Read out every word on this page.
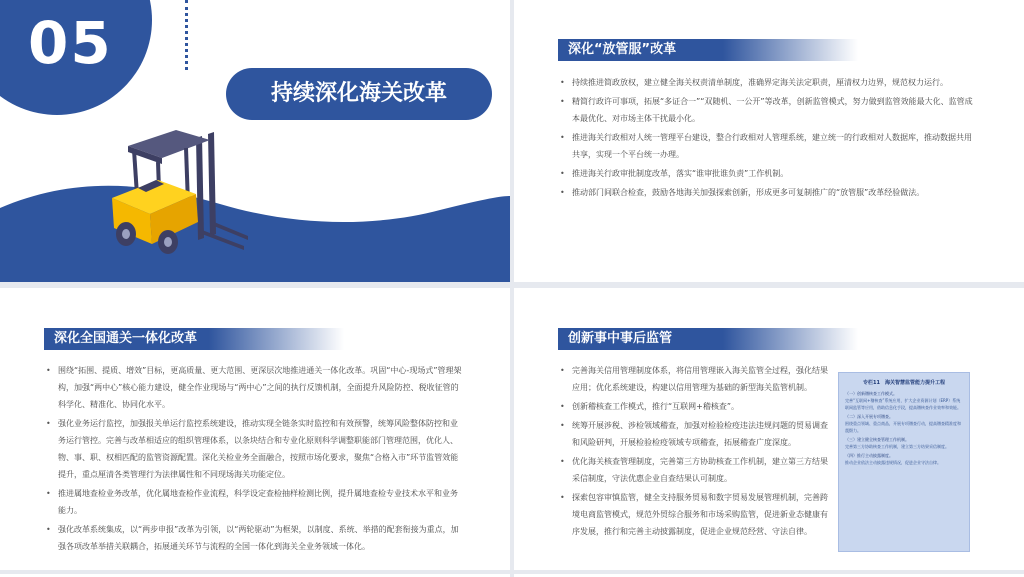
05
持续深化海关改革
深化“放管服”改革
• 持续推进简政放权，建立健全海关权责清单制度，准确界定海关法定职责，厘清权力边界，规范权力运行。
• 精简行政许可事项，拓展“多证合一”“双随机、一公开”等改革，创新监管模式，努力做到监管效能最大化、监管成本最优化、对市场主体干扰最小化。
• 推进海关行政相对人统一管理平台建设，整合行政相对人管理系统，建立统一的行政相对人数据库，推动数据共用共享，实现一个平台统一办理。
• 推进海关行政审批制度改革，落实“谁审批谁负责”工作机制。
• 推动部门间联合检查，鼓励各地海关加强探索创新，形成更多可复制推广的“放管服”改革经验做法。
深化全国通关一体化改革
• 围绕“拓围、提质、增效”目标，更高质量、更大范围、更深层次地推进通关一体化改革。巩固“中心-现场式”管理架构，加强“两中心”核心能力建设，健全作业现场与“两中心”之间的执行反馈机制，全面提升风险防控、税收征管的科学化、精准化、协同化水平。
• 强化业务运行监控，加强报关单运行监控系统建设，推动实现全链条实时监控和有效预警，统筹风险整体防控和业务运行管控。完善与改革相适应的组织管理体系，以条块结合和专业化原则科学调整职能部门管理范围，优化人、物、事、职、权相匹配的监管资源配置。深化关检业务全面融合，按照市场化要求，聚焦“合格入市”环节监管效能提升，重点厘清各类管理行为法律属性和不同现场海关功能定位。
• 推进属地查检业务改革，优化属地查检作业流程，科学设定查检抽样检测比例，提升属地查检专业技术水平和业务能力。
• 强化改革系统集成，以“两步申报”改革为引领，以“两轮驱动”为框架，以制度、系统、举措的配套衔接为重点，加强各项改革举措关联耦合，拓展通关环节与流程的全国一体化到海关全业务领域一体化。
创新事中事后监管
• 完善海关信用管理制度体系，将信用管理嵌入海关监管全过程，强化结果应用；优化系统建设，构建以信用管理为基础的新型海关监管机制。
• 创新稽核查工作模式，推行“互联网+稽核查”。
• 统筹开展涉税、涉检领域稽查，加强对检验检疫违法违规问题的贸易调查和风险研判，开展检验检疫领域专项稽查，拓展稽查广度深度。
• 优化海关核查管理制度，完善第三方协助核查工作机制，建立第三方结果采信制度，守法优惠企业自查结果认可制度。
• 探索包容审慎监管，健全支持服务贸易和数字贸易发展管理机制，完善跨境电商监管模式，规范外贸综合服务和市场采购监管，促进新业态健康有序发展，推行和完善主动披露制度，促进企业规范经营、守法自律。
专栏11　海关智慧监管能力提升工程
（一）创新稽核查工作模式。
完善“互联网+稽核查”系统应用，扩大企业资源计划（ERP）系统联网监管等应用，借助信息化手段，提高稽核查作业效率和效能。
（二）深入开展专项稽查。
围绕重点领域、重点商品，开展专项稽查行动，提高稽查精准度和震慑力。
（三）建立健全核查管理工作机制。
完善第三方协助核查工作机制，建立第三方结果采信制度。
（四）推行主动披露制度。
推动企业依法主动披露违规情况，促进企业守法自律。
